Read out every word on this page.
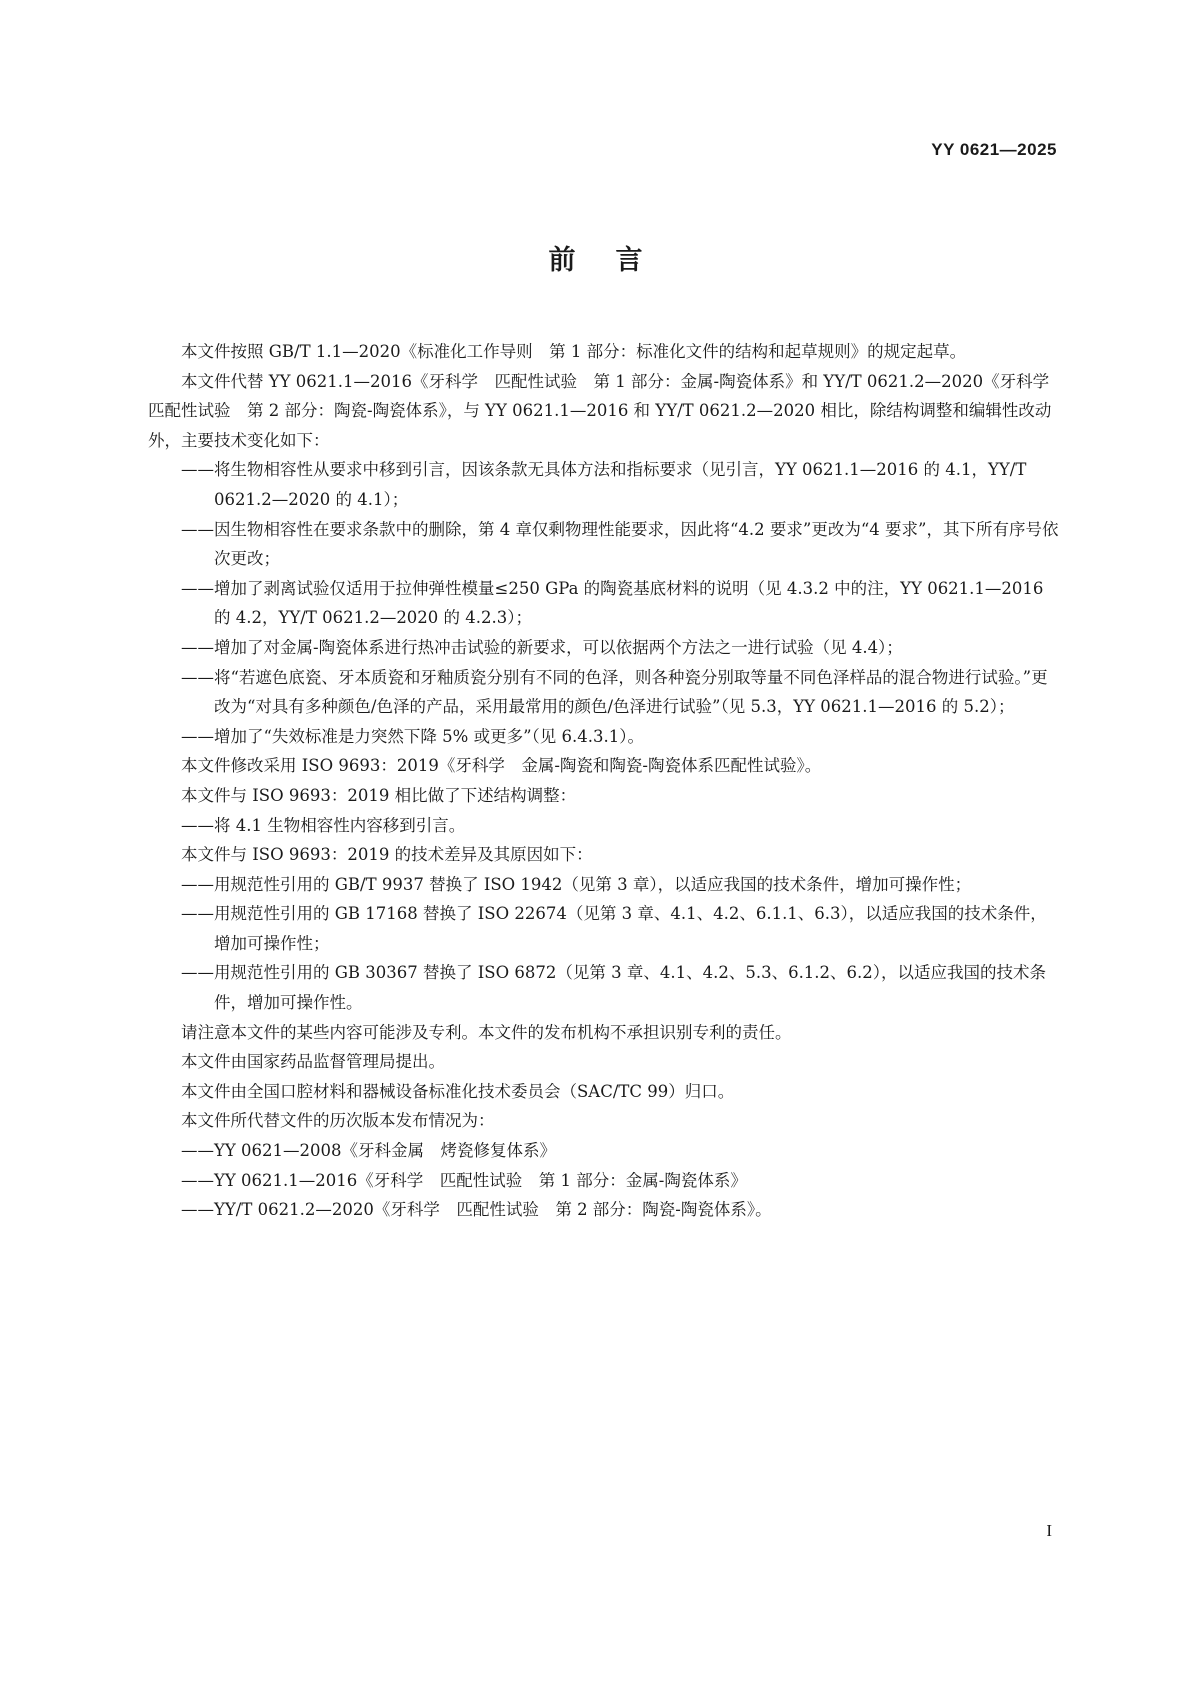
YY 0621—2025
前言

本文件按照 GB/T 1.1—2020《标准化工作导则　第 1 部分：标准化文件的结构和起草规则》的规定起草。

本文件代替 YY 0621.1—2016《牙科学　匹配性试验　第 1 部分：金属-陶瓷体系》和 YY/T 0621.2—2020《牙科学　匹配性试验　第 2 部分：陶瓷-陶瓷体系》，与 YY 0621.1—2016 和 YY/T 0621.2—2020 相比，除结构调整和编辑性改动外，主要技术变化如下：

——将生物相容性从要求中移到引言，因该条款无具体方法和指标要求（见引言，YY 0621.1—2016 的 4.1，YY/T 0621.2—2020 的 4.1）；
——因生物相容性在要求条款中的删除，第 4 章仅剩物理性能要求，因此将“4.2 要求”更改为“4 要求”，其下所有序号依次更改；
——增加了剥离试验仅适用于拉伸弹性模量≤250 GPa 的陶瓷基底材料的说明（见 4.3.2 中的注，YY 0621.1—2016 的 4.2，YY/T 0621.2—2020 的 4.2.3）；
——增加了对金属-陶瓷体系进行热冲击试验的新要求，可以依据两个方法之一进行试验（见 4.4）；
——将“若遮色底瓷、牙本质瓷和牙釉质瓷分别有不同的色泽，则各种瓷分别取等量不同色泽样品的混合物进行试验。”更改为“对具有多种颜色/色泽的产品，采用最常用的颜色/色泽进行试验”（见 5.3，YY 0621.1—2016 的 5.2）；
——增加了“失效标准是力突然下降 5% 或更多”（见 6.4.3.1）。

本文件修改采用 ISO 9693：2019《牙科学　金属-陶瓷和陶瓷-陶瓷体系匹配性试验》。

本文件与 ISO 9693：2019 相比做了下述结构调整：

——将 4.1 生物相容性内容移到引言。

本文件与 ISO 9693：2019 的技术差异及其原因如下：

——用规范性引用的 GB/T 9937 替换了 ISO 1942（见第 3 章），以适应我国的技术条件，增加可操作性；
——用规范性引用的 GB 17168 替换了 ISO 22674（见第 3 章、4.1、4.2、6.1.1、6.3），以适应我国的技术条件，增加可操作性；
——用规范性引用的 GB 30367 替换了 ISO 6872（见第 3 章、4.1、4.2、5.3、6.1.2、6.2），以适应我国的技术条件，增加可操作性。

请注意本文件的某些内容可能涉及专利。本文件的发布机构不承担识别专利的责任。

本文件由国家药品监督管理局提出。

本文件由全国口腔材料和器械设备标准化技术委员会（SAC/TC 99）归口。

本文件所代替文件的历次版本发布情况为：

——YY 0621—2008《牙科金属　烤瓷修复体系》
——YY 0621.1—2016《牙科学　匹配性试验　第 1 部分：金属-陶瓷体系》
——YY/T 0621.2—2020《牙科学　匹配性试验　第 2 部分：陶瓷-陶瓷体系》。
I
